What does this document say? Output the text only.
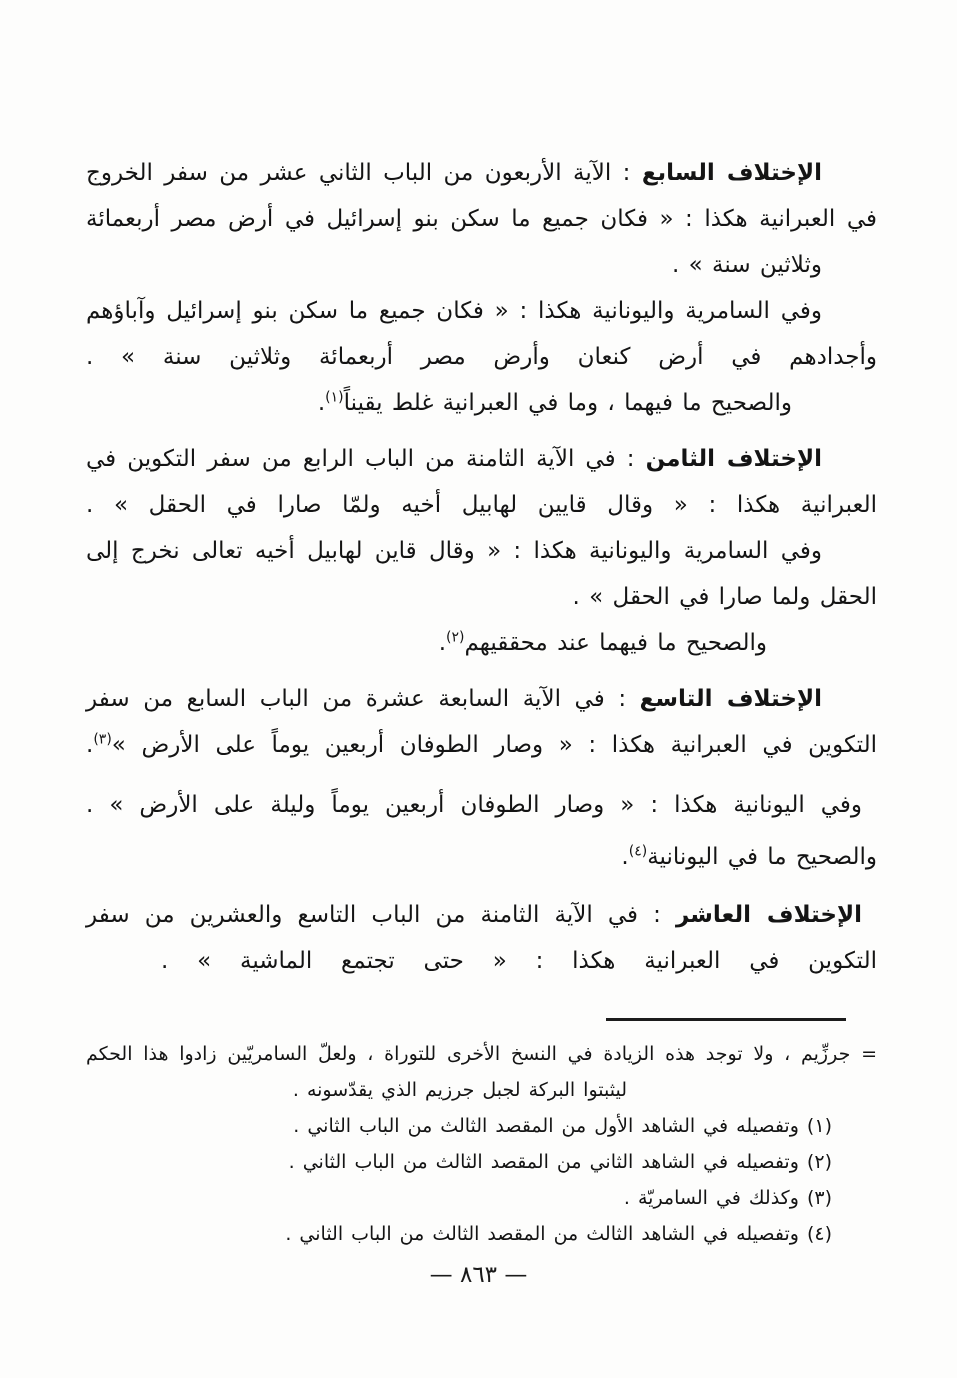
الإختلاف السابع : الآية الأربعون من الباب الثاني عشر من سفر الخروج
في العبرانية هكذا : « فكان جميع ما سكن بنو إسرائيل في أرض مصر أربعمائة
وثلاثين سنة » .
وفي السامرية واليونانية هكذا : « فكان جميع ما سكن بنو إسرائيل وآباؤهم
وأجدادهم في أرض كنعان وأرض مصر أربعمائة وثلاثين سنة » .
والصحيح ما فيهما ، وما في العبرانية غلط يقيناً$^{(١)}$.
الإختلاف الثامن : في الآية الثامنة من الباب الرابع من سفر التكوين في
العبرانية هكذا : « وقال قايين لهابيل أخيه ولمّا صارا في الحقل » .
وفي السامرية واليونانية هكذا : « وقال قاين لهابيل أخيه تعالى نخرج إلى
الحقل ولما صارا في الحقل » .
والصحيح ما فيهما عند محققيهم$^{(٢)}$.
الإختلاف التاسع : في الآية السابعة عشرة من الباب السابع من سفر
التكوين في العبرانية هكذا : « وصار الطوفان أربعين يوماً على الأرض »$^{(٣)}$.
وفي اليونانية هكذا : « وصار الطوفان أربعين يوماً وليلة على الأرض » .
والصحيح ما في اليونانية$^{(٤)}$.
الإختلاف العاشر : في الآية الثامنة من الباب التاسع والعشرين من سفر
التكوين في العبرانية هكذا : « حتى تجتمع الماشية » .
= جرزِّيم ، ولا توجد هذه الزيادة في النسخ الأخرى للتوراة ، ولعلّ السامريّين زادوا هذا الحكم
ليثبتوا البركة لجبل جرزيم الذي يقدّسونه .
(١) وتفصيله في الشاهد الأول من المقصد الثالث من الباب الثاني .
(٢) وتفصيله في الشاهد الثاني من المقصد الثالث من الباب الثاني .
(٣) وكذلك في السامريّة .
(٤) وتفصيله في الشاهد الثالث من المقصد الثالث من الباب الثاني .
— ٨٦٣ —
